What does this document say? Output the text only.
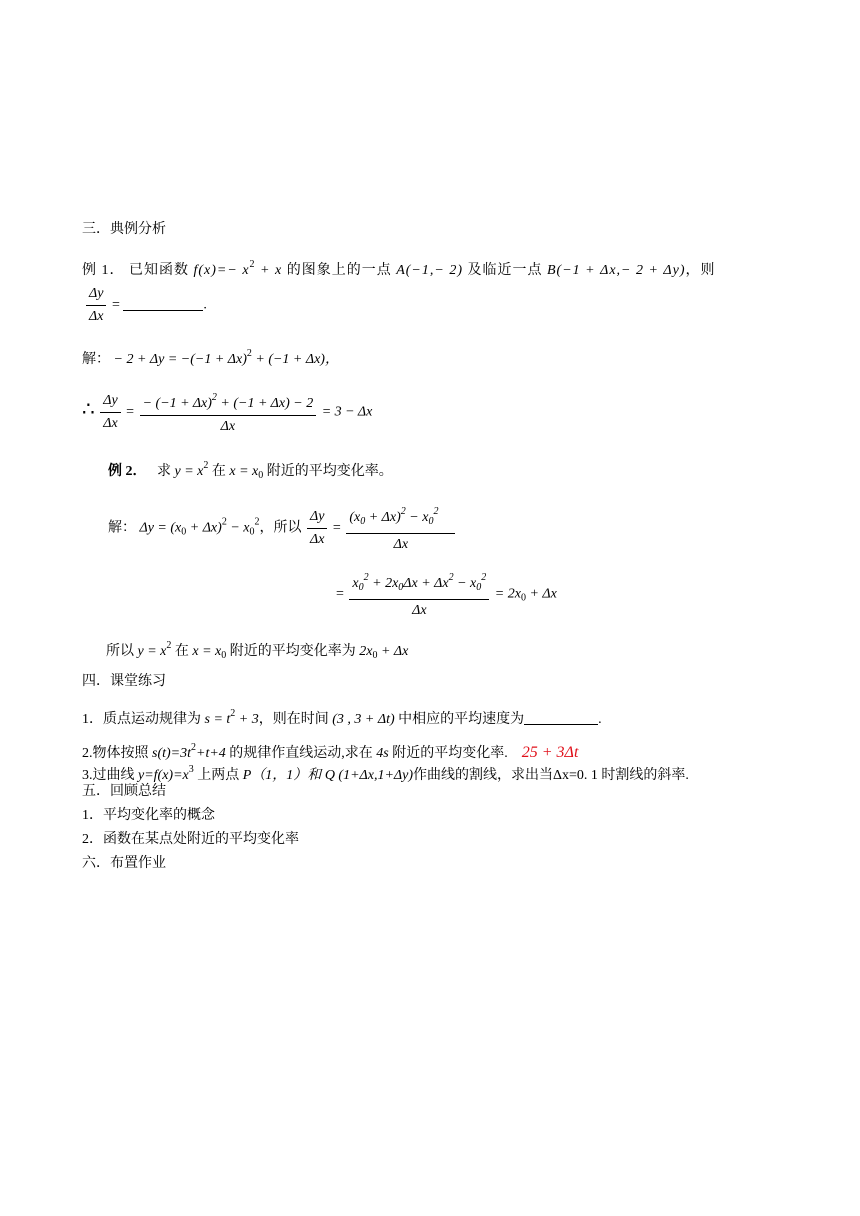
三．典例分析
例 1． 已知函数 $f(x)=- x^2 + x$ 的图象上的一点 A(−1,− 2) 及临近一点 B(−1 + Δx,− 2 + Δy)，则
$\frac{\Delta y}{\Delta x}$ =	.
解： − $2 + \Delta y = -(-1 + \Delta x)^2 + (-1 + \Delta x)$，
∴ $\frac{\Delta y}{\Delta x} = \frac{- (-1 + \Delta x)^2 + (-1 + \Delta x) - 2}{\Delta x} = 3 - \Delta x$
例 2． 求 $y = x^2$ 在 $x = x_0$ 附近的平均变化率。
解： $\Delta y = (x_0 + \Delta x)^2 - x_0^2$，所以 $\frac{\Delta y}{\Delta x} = \frac{(x_0 + \Delta x)^2 - x_0^2}{\Delta x}$
= $\frac{x_0^2 + 2x_0\Delta x + \Delta x^2 - x_0^2}{\Delta x} = 2x_0 + \Delta x$
所以 $y = x^2$ 在 $x = x_0$ 附近的平均变化率为 $2x_0 + \Delta x$
四．课堂练习
1．质点运动规律为 $s = t^2 + 3$，则在时间 (3 , 3 + Δt) 中相应的平均速度为	.
2.物体按照 $s(t)=3t^2+t+4$ 的规律作直线运动,求在 4s 附近的平均变化率. 25 + 3Δt
3.过曲线 $y=f(x)=x^3$ 上两点 P（1，1）和 Q (1+Δx,1+Δy)作曲线的割线，求出当Δx=0. 1 时割线的斜率.
五．回顾总结
1．平均变化率的概念
2．函数在某点处附近的平均变化率
六．布置作业
